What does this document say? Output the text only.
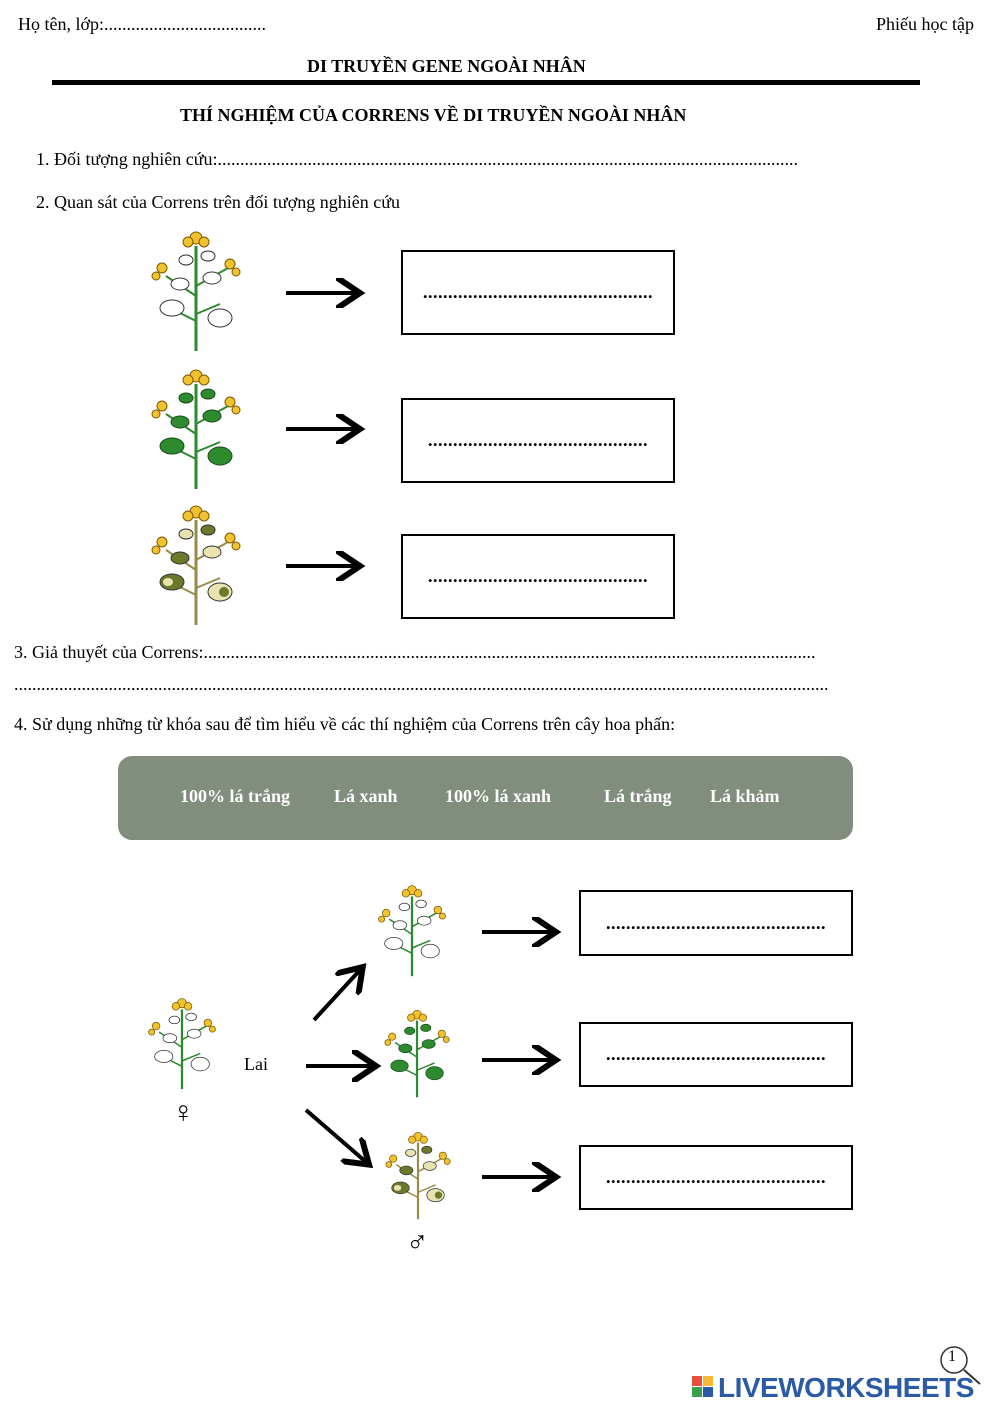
Họ tên, lớp:....................................	Phiếu học tập
DI TRUYỀN GENE NGOÀI NHÂN
THÍ NGHIỆM CỦA CORRENS VỀ DI TRUYỀN NGOÀI NHÂN
1. Đối tượng nghiên cứu:.................................................................................................................................
2. Quan sát của Correns trên đối tượng nghiên cứu
..............................................
............................................
............................................
3. Giả thuyết của Correns:........................................................................................................................................
.....................................................................................................................................................................................
4. Sử dụng những từ khóa sau để tìm hiểu về các thí nghiệm của Correns trên cây hoa phấn:
100% lá trắng Lá xanh	100% lá xanh	Lá trắng Lá khảm
♀
Lai
♂
............................................
............................................
............................................
1
LIVEWORKSHEETS
